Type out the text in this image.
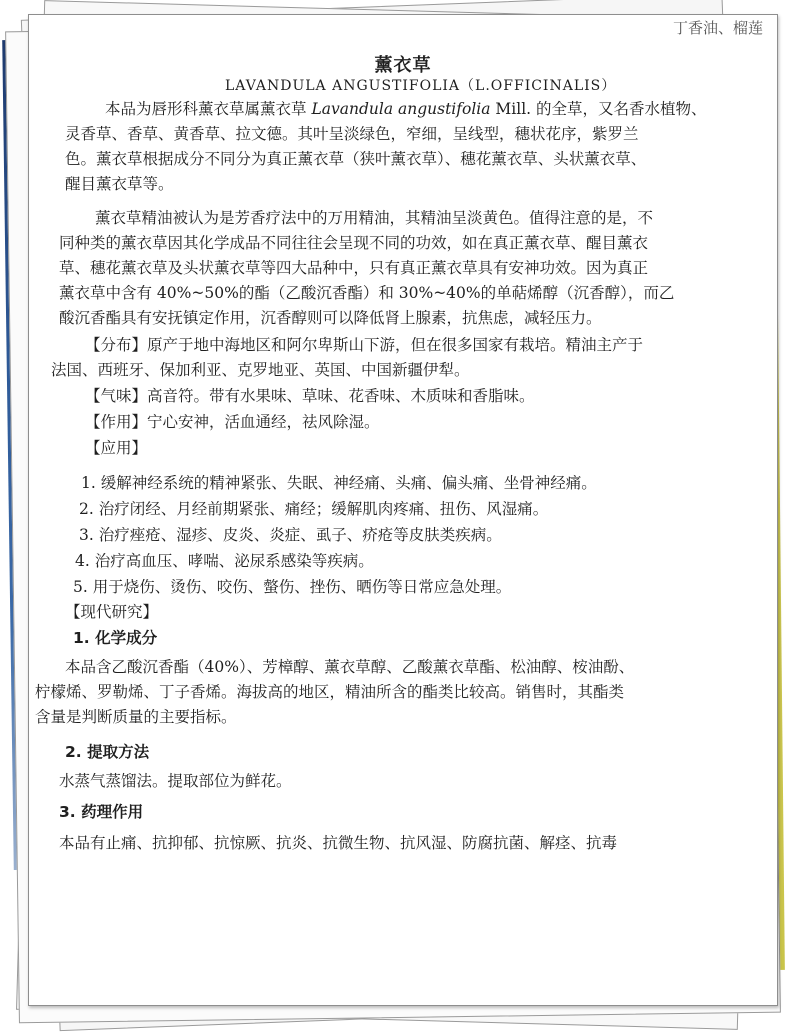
丁香油、榴莲
薰衣草
LAVANDULA ANGUSTIFOLIA（L.OFFICINALIS）
本品为唇形科薰衣草属薰衣草 Lavandula angustifolia Mill. 的全草，又名香水植物、
灵香草、香草、黄香草、拉文德。其叶呈淡绿色，窄细，呈线型，穗状花序，紫罗兰
色。薰衣草根据成分不同分为真正薰衣草（狭叶薰衣草）、穗花薰衣草、头状薰衣草、
醒目薰衣草等。
薰衣草精油被认为是芳香疗法中的万用精油，其精油呈淡黄色。值得注意的是，不
同种类的薰衣草因其化学成品不同往往会呈现不同的功效，如在真正薰衣草、醒目薰衣
草、穗花薰衣草及头状薰衣草等四大品种中，只有真正薰衣草具有安神功效。因为真正
薰衣草中含有 40%~50%的酯（乙酸沉香酯）和 30%~40%的单萜烯醇（沉香醇），而乙
酸沉香酯具有安抚镇定作用，沉香醇则可以降低肾上腺素，抗焦虑，减轻压力。
【分布】原产于地中海地区和阿尔卑斯山下游，但在很多国家有栽培。精油主产于
法国、西班牙、保加利亚、克罗地亚、英国、中国新疆伊犁。
【气味】高音符。带有水果味、草味、花香味、木质味和香脂味。
【作用】宁心安神，活血通经，祛风除湿。
【应用】
1. 缓解神经系统的精神紧张、失眠、神经痛、头痛、偏头痛、坐骨神经痛。
2. 治疗闭经、月经前期紧张、痛经；缓解肌肉疼痛、扭伤、风湿痛。
3. 治疗痤疮、湿疹、皮炎、炎症、虱子、疥疮等皮肤类疾病。
4. 治疗高血压、哮喘、泌尿系感染等疾病。
5. 用于烧伤、烫伤、咬伤、螫伤、挫伤、晒伤等日常应急处理。
【现代研究】
1. 化学成分
本品含乙酸沉香酯（40%）、芳樟醇、薰衣草醇、乙酸薰衣草酯、松油醇、桉油酚、
柠檬烯、罗勒烯、丁子香烯。海拔高的地区，精油所含的酯类比较高。销售时，其酯类
含量是判断质量的主要指标。
2. 提取方法
水蒸气蒸馏法。提取部位为鲜花。
3. 药理作用
本品有止痛、抗抑郁、抗惊厥、抗炎、抗微生物、抗风湿、防腐抗菌、解痉、抗毒
